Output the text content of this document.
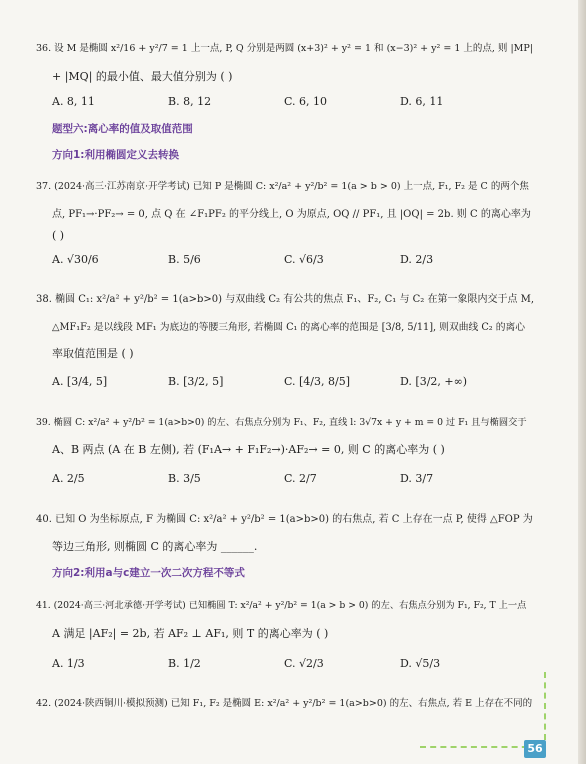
36. 设 M 是椭圆 x²/16 + y²/7 = 1 上一点, P, Q 分别是两圆 (x+3)² + y² = 1 和 (x−3)² + y² = 1 上的点, 则 |MP|
+ |MQ| 的最小值、最大值分别为 ( )
A. 8, 11	B. 8, 12	C. 6, 10	D. 6, 11
题型六:离心率的值及取值范围
方向1:利用椭圆定义去转换
37. (2024·高三·江苏南京·开学考试) 已知 P 是椭圆 C: x²/a² + y²/b² = 1(a > b > 0) 上一点, F₁, F₂ 是 C 的两个焦
点, PF₁→·PF₂→ = 0, 点 Q 在 ∠F₁PF₂ 的平分线上, O 为原点, OQ // PF₁, 且 |OQ| = 2b. 则 C 的离心率为
( )
A. √30/6	B. 5/6	C. √6/3	D. 2/3
38. 椭圆 C₁: x²/a² + y²/b² = 1(a>b>0) 与双曲线 C₂ 有公共的焦点 F₁、F₂, C₁ 与 C₂ 在第一象限内交于点 M,
△MF₁F₂ 是以线段 MF₁ 为底边的等腰三角形, 若椭圆 C₁ 的离心率的范围是 [3/8, 5/11], 则双曲线 C₂ 的离心
率取值范围是 ( )
A. [3/4, 5]	B. [3/2, 5]	C. [4/3, 8/5]	D. [3/2, +∞)
39. 椭圆 C: x²/a² + y²/b² = 1(a>b>0) 的左、右焦点分别为 F₁、F₂, 直线 l: 3√7x + y + m = 0 过 F₁ 且与椭圆交于
A、B 两点 (A 在 B 左侧), 若 (F₁A→ + F₁F₂→)·AF₂→ = 0, 则 C 的离心率为 ( )
A. 2/5	B. 3/5	C. 2/7	D. 3/7
40. 已知 O 为坐标原点, F 为椭圆 C: x²/a² + y²/b² = 1(a>b>0) 的右焦点, 若 C 上存在一点 P, 使得 △FOP 为
等边三角形, 则椭圆 C 的离心率为 ______.
方向2:利用a与c建立一次二次方程不等式
41. (2024·高三·河北承德·开学考试) 已知椭圆 T: x²/a² + y²/b² = 1(a > b > 0) 的左、右焦点分别为 F₁, F₂, T 上一点
A 满足 |AF₂| = 2b, 若 AF₂ ⊥ AF₁, 则 T 的离心率为 ( )
A. 1/3	B. 1/2	C. √2/3	D. √5/3
42. (2024·陕西铜川·模拟预测) 已知 F₁, F₂ 是椭圆 E: x²/a² + y²/b² = 1(a>b>0) 的左、右焦点, 若 E 上存在不同的
56
